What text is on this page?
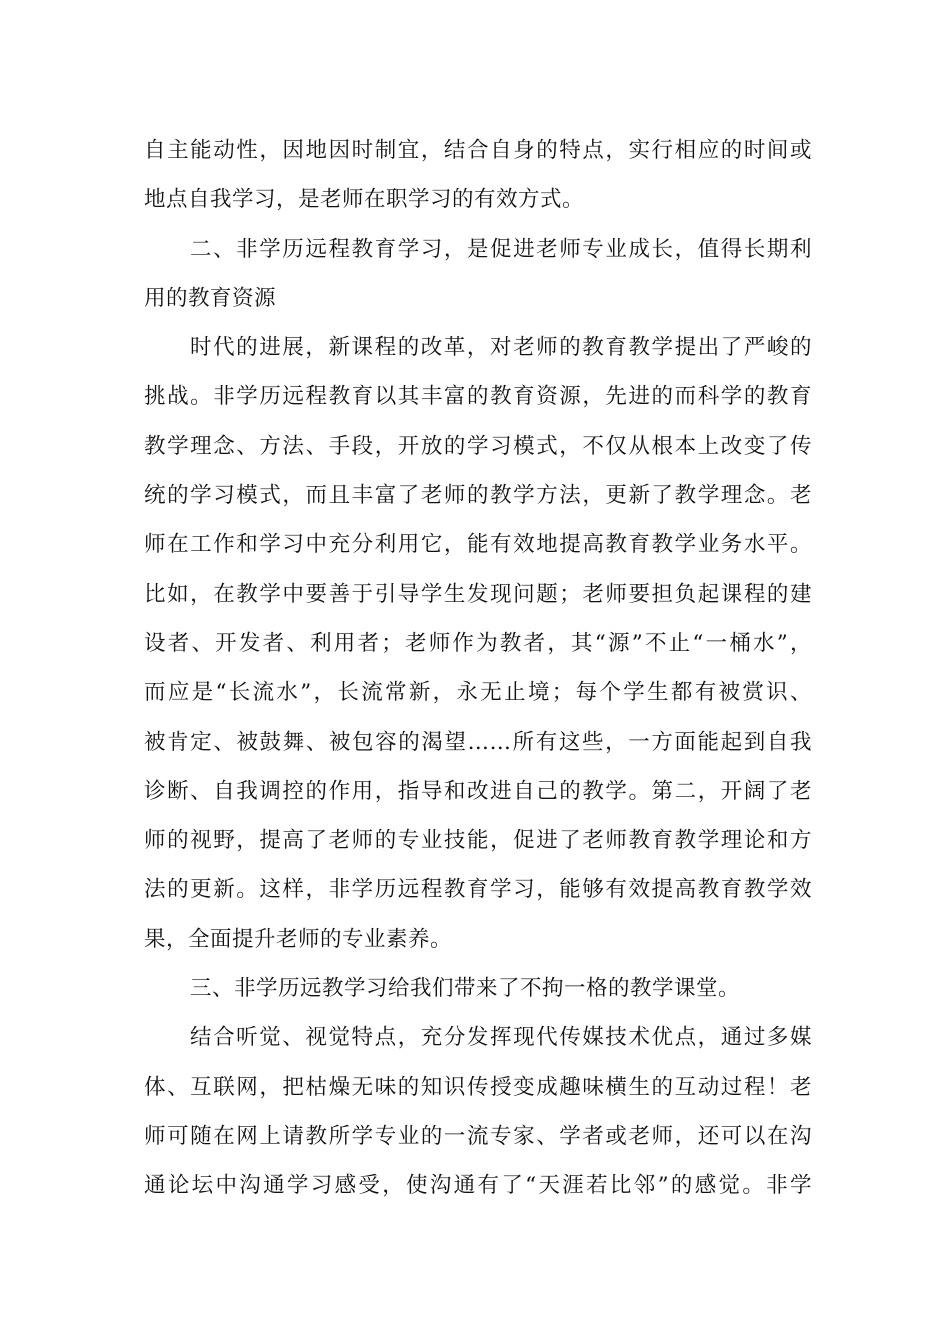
自主能动性，因地因时制宜，结合自身的特点，实行相应的时间或
地点自我学习，是老师在职学习的有效方式。
二、非学历远程教育学习，是促进老师专业成长，值得长期利
用的教育资源
时代的进展，新课程的改革，对老师的教育教学提出了严峻的
挑战。非学历远程教育以其丰富的教育资源，先进的而科学的教育
教学理念、方法、手段，开放的学习模式，不仅从根本上改变了传
统的学习模式，而且丰富了老师的教学方法，更新了教学理念。老
师在工作和学习中充分利用它，能有效地提高教育教学业务水平。
比如，在教学中要善于引导学生发现问题；老师要担负起课程的建
设者、开发者、利用者；老师作为教者，其“源”不止“一桶水”，
而应是“长流水”，长流常新，永无止境；每个学生都有被赏识、
被肯定、被鼓舞、被包容的渴望……所有这些，一方面能起到自我
诊断、自我调控的作用，指导和改进自己的教学。第二，开阔了老
师的视野，提高了老师的专业技能，促进了老师教育教学理论和方
法的更新。这样，非学历远程教育学习，能够有效提高教育教学效
果，全面提升老师的专业素养。
三、非学历远教学习给我们带来了不拘一格的教学课堂。
结合听觉、视觉特点，充分发挥现代传媒技术优点，通过多媒
体、互联网，把枯燥无味的知识传授变成趣味横生的互动过程！老
师可随在网上请教所学专业的一流专家、学者或老师，还可以在沟
通论坛中沟通学习感受，使沟通有了“天涯若比邻”的感觉。非学
